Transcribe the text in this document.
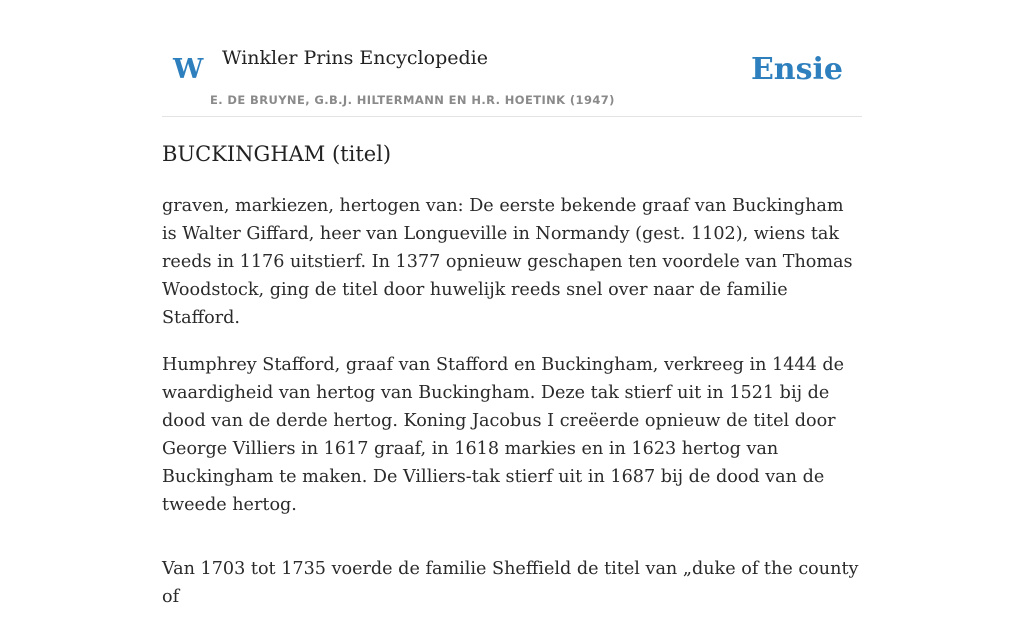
W Winkler Prins Encyclopedie
E. DE BRUYNE, G.B.J. HILTERMANN EN H.R. HOETINK (1947)
Ensie
BUCKINGHAM (titel)

graven, markiezen, hertogen van: De eerste bekende graaf van Buckingham is Walter Giffard, heer van Longueville in Normandy (gest. 1102), wiens tak reeds in 1176 uitstierf. In 1377 opnieuw geschapen ten voordele van Thomas Woodstock, ging de titel door huwelijk reeds snel over naar de familie Stafford.

Humphrey Stafford, graaf van Stafford en Buckingham, verkreeg in 1444 de waardigheid van hertog van Buckingham. Deze tak stierf uit in 1521 bij de dood van de derde hertog. Koning Jacobus I creëerde opnieuw de titel door George Villiers in 1617 graaf, in 1618 markies en in 1623 hertog van Buckingham te maken. De Villiers-tak stierf uit in 1687 bij de dood van de tweede hertog.

Van 1703 tot 1735 voerde de familie Sheffield de titel van „duke of the county of
